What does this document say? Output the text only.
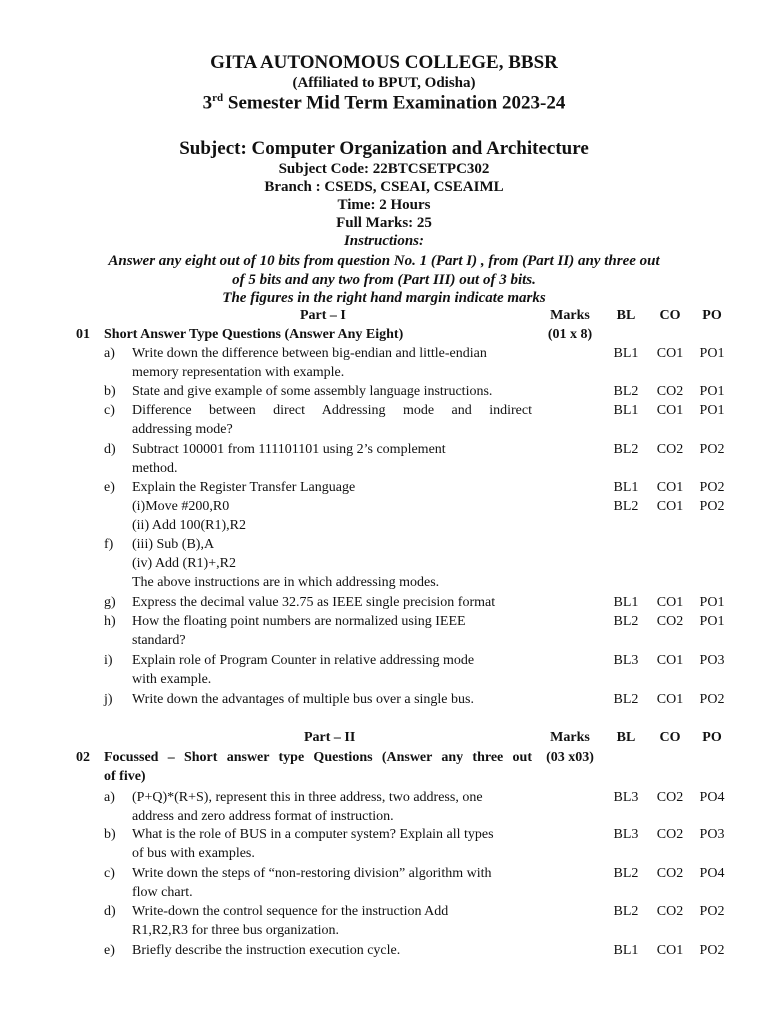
GITA AUTONOMOUS COLLEGE, BBSR
(Affiliated to BPUT, Odisha)
3rd Semester Mid Term Examination 2023-24
Subject: Computer Organization and Architecture
Subject Code: 22BTCSETPC302
Branch : CSEDS, CSEAI, CSEAIML
Time: 2 Hours
Full Marks: 25
Instructions:
Answer any eight out of 10 bits from question No. 1 (Part I) , from (Part II) any three out
of 5 bits and any two from (Part III) out of 3 bits.
The figures in the right hand margin indicate marks
Part – I	Marks	BL	CO	PO
01 Short Answer Type Questions (Answer Any Eight)	(01 x 8)
a) Write down the difference between big-endian and little-endian
memory representation with example.
BL1	CO1	PO1
b) State and give example of some assembly language instructions.	BL2	CO2	PO1
c) Difference between direct Addressing mode and indirect
addressing mode?
BL1	CO1	PO1
d) Subtract 100001 from 111101101 using 2’s complement
method.
BL2	CO2	PO2
e) Explain the Register Transfer Language	BL1	CO1	PO2
f)
(i)Move #200,R0
(ii) Add 100(R1),R2
(iii) Sub (B),A
(iv) Add (R1)+,R2
The above instructions are in which addressing modes.
BL2	CO1	PO2
g) Express the decimal value 32.75 as IEEE single precision format	BL1	CO1	PO1
h) How the floating point numbers are normalized using IEEE
standard?
BL2	CO2	PO1
i) Explain role of Program Counter in relative addressing mode
with example.
BL3	CO1	PO3
j) Write down the advantages of multiple bus over a single bus.	BL2	CO1	PO2
Part – II	Marks	BL	CO	PO
02 Focussed – Short answer type Questions (Answer any three out
of five)
(03 x03)
a) (P+Q)*(R+S), represent this in three address, two address, one
address and zero address format of instruction.
BL3	CO2	PO4
b) What is the role of BUS in a computer system? Explain all types
of bus with examples.
BL3	CO2	PO3
c) Write down the steps of “non-restoring division” algorithm with
flow chart.
BL2	CO2	PO4
d) Write-down the control sequence for the instruction Add
R1,R2,R3 for three bus organization.
BL2	CO2	PO2
e) Briefly describe the instruction execution cycle.	BL1	CO1	PO2
